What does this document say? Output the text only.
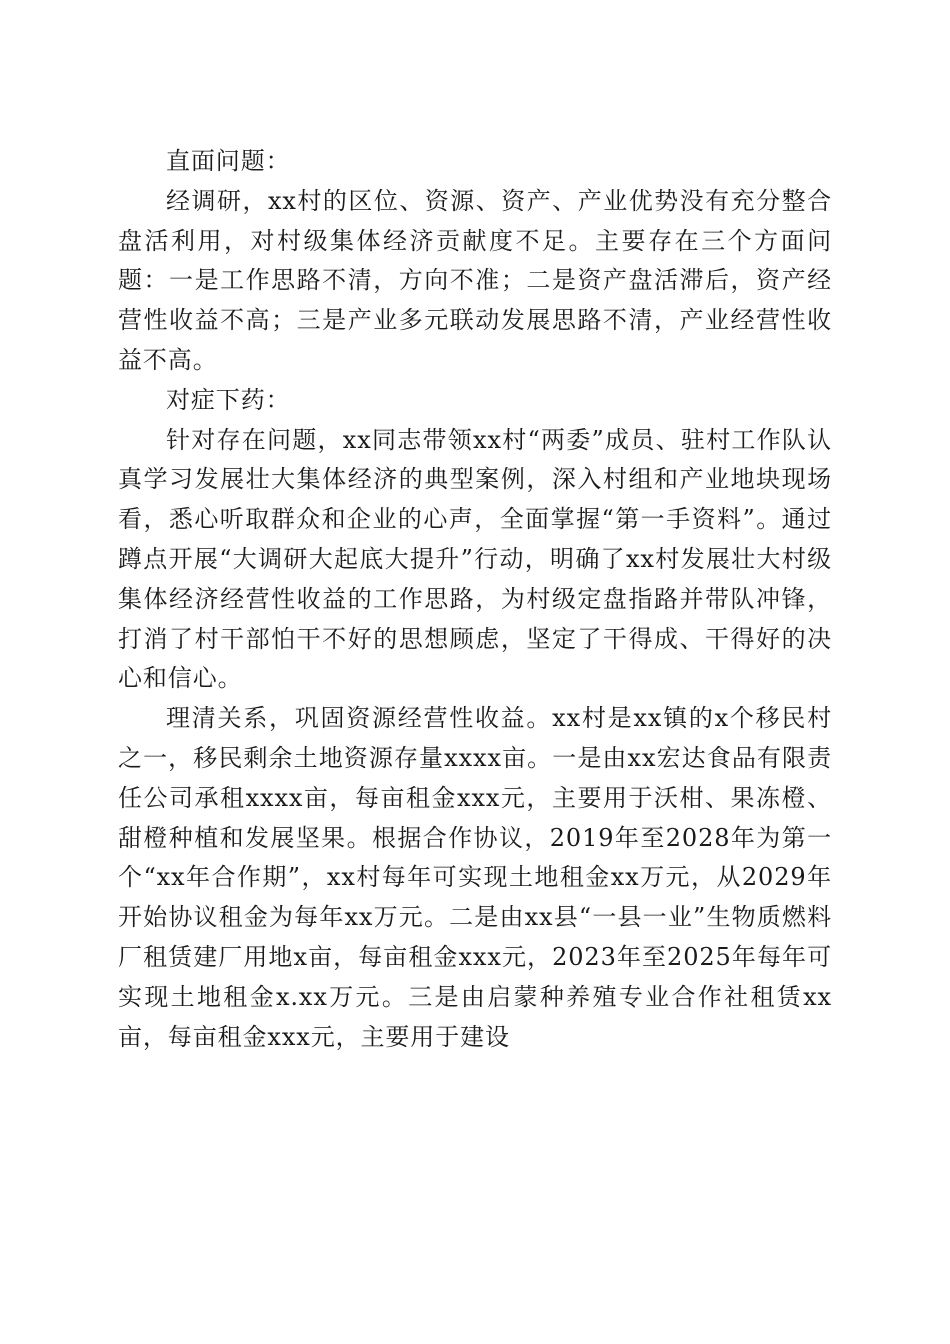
直面问题：

经调研，xx村的区位、资源、资产、产业优势没有充分整合盘活利用，对村级集体经济贡献度不足。主要存在三个方面问题：一是工作思路不清，方向不准；二是资产盘活滞后，资产经营性收益不高；三是产业多元联动发展思路不清，产业经营性收益不高。

对症下药：

针对存在问题，xx同志带领xx村“两委”成员、驻村工作队认真学习发展壮大集体经济的典型案例，深入村组和产业地块现场看，悉心听取群众和企业的心声，全面掌握“第一手资料”。通过蹲点开展“大调研大起底大提升”行动，明确了xx村发展壮大村级集体经济经营性收益的工作思路，为村级定盘指路并带队冲锋，打消了村干部怕干不好的思想顾虑，坚定了干得成、干得好的决心和信心。

理清关系，巩固资源经营性收益。xx村是xx镇的x个移民村之一，移民剩余土地资源存量xxxx亩。一是由xx宏达食品有限责任公司承租xxxx亩，每亩租金xxx元，主要用于沃柑、果冻橙、甜橙种植和发展坚果。根据合作协议，2019年至2028年为第一个“xx年合作期”，xx村每年可实现土地租金xx万元，从2029年开始协议租金为每年xx万元。二是由xx县“一县一业”生物质燃料厂租赁建厂用地x亩，每亩租金xxx元，2023年至2025年每年可实现土地租金x.xx万元。三是由启蒙种养殖专业合作社租赁xx亩，每亩租金xxx元，主要用于建设
